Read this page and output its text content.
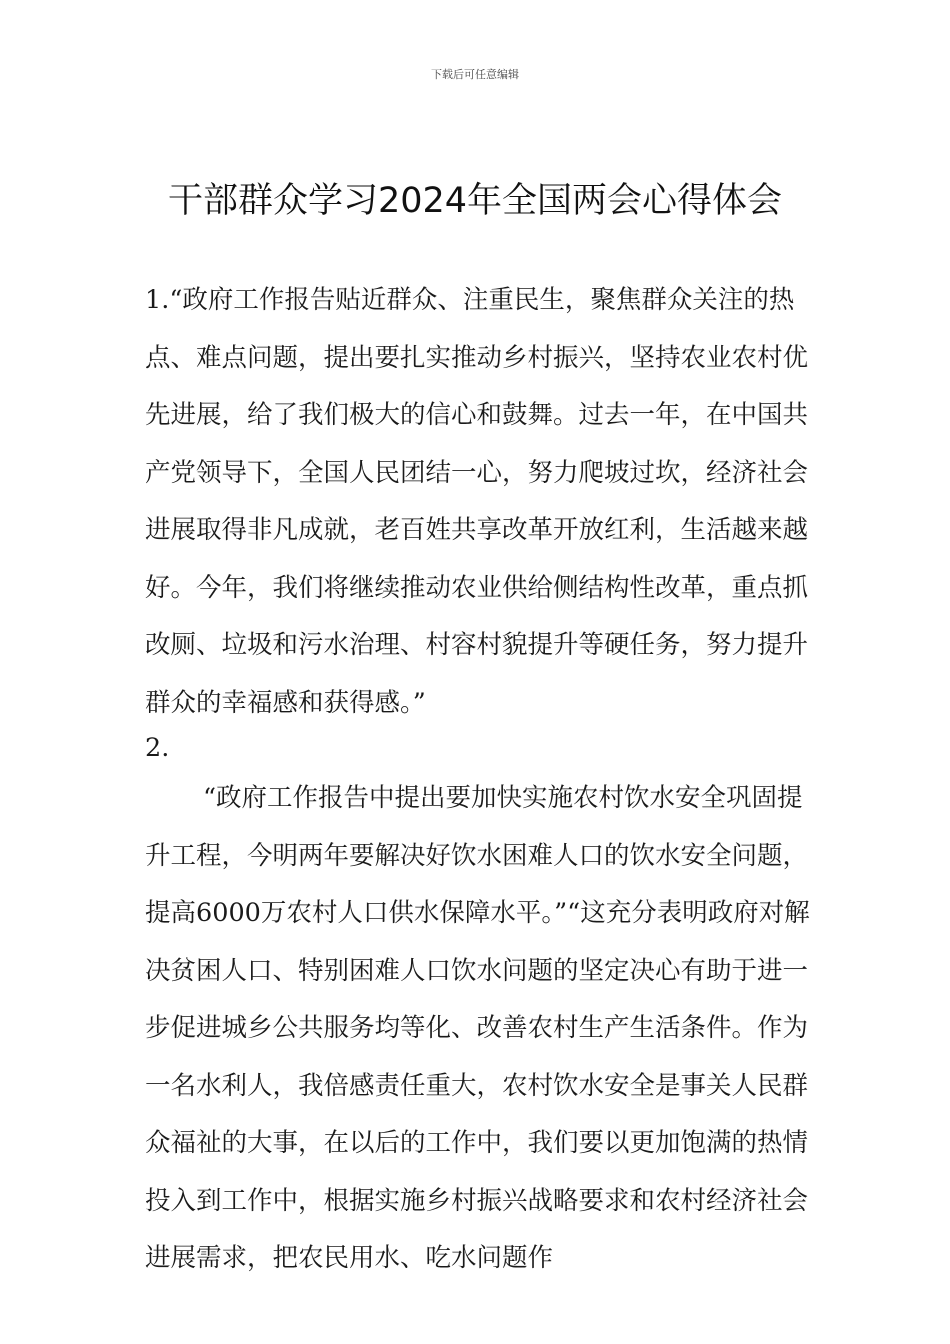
下载后可任意编辑
干部群众学习2024年全国两会心得体会

1.“政府工作报告贴近群众、注重民生，聚焦群众关注的热点、难点问题，提出要扎实推动乡村振兴，坚持农业农村优先进展，给了我们极大的信心和鼓舞。过去一年，在中国共产党领导下，全国人民团结一心，努力爬坡过坎，经济社会进展取得非凡成就，老百姓共享改革开放红利，生活越来越好。今年，我们将继续推动农业供给侧结构性改革，重点抓改厕、垃圾和污水治理、村容村貌提升等硬任务，努力提升群众的幸福感和获得感。”

2.

“政府工作报告中提出要加快实施农村饮水安全巩固提升工程，今明两年要解决好饮水困难人口的饮水安全问题，提高6000万农村人口供水保障水平。”“这充分表明政府对解决贫困人口、特别困难人口饮水问题的坚定决心有助于进一步促进城乡公共服务均等化、改善农村生产生活条件。作为一名水利人，我倍感责任重大，农村饮水安全是事关人民群众福祉的大事，在以后的工作中，我们要以更加饱满的热情投入到工作中，根据实施乡村振兴战略要求和农村经济社会进展需求，把农民用水、吃水问题作
